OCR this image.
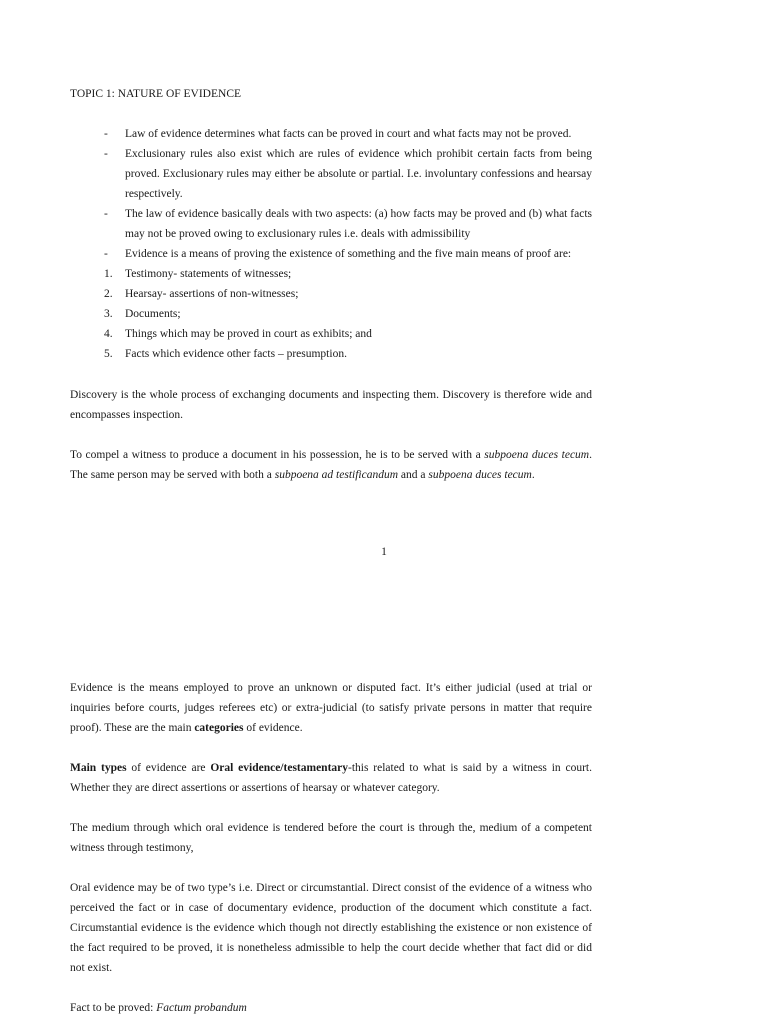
TOPIC 1: NATURE OF EVIDENCE
-	Law of evidence determines what facts can be proved in court and what facts may not be proved.
-	Exclusionary rules also exist which are rules of evidence which prohibit certain facts from being proved. Exclusionary rules may either be absolute or partial. I.e. involuntary confessions and hearsay respectively.
-	The law of evidence basically deals with two aspects: (a) how facts may be proved and (b) what facts may not be proved owing to exclusionary rules i.e. deals with admissibility
-	Evidence is a means of proving the existence of something and the five main means of proof are:
1.	Testimony- statements of witnesses;
2.	Hearsay- assertions of non-witnesses;
3.	Documents;
4.	Things which may be proved in court as exhibits; and
5.	Facts which evidence other facts – presumption.
Discovery is the whole process of exchanging documents and inspecting them. Discovery is therefore wide and encompasses inspection.
To compel a witness to produce a document in his possession, he is to be served with a subpoena duces tecum. The same person may be served with both a subpoena ad testificandum and a subpoena duces tecum.
1
Evidence is the means employed to prove an unknown or disputed fact. It’s either judicial (used at trial or inquiries before courts, judges referees etc) or extra-judicial (to satisfy private persons in matter that require proof). These are the main categories of evidence.
Main types of evidence are Oral evidence/testamentary-this related to what is said by a witness in court. Whether they are direct assertions or assertions of hearsay or whatever category.
The medium through which oral evidence is tendered before the court is through the, medium of a competent witness through testimony,
Oral evidence may be of two type’s i.e. Direct or circumstantial. Direct consist of the evidence of a witness who perceived the fact or in case of documentary evidence, production of the document which constitute a fact. Circumstantial evidence is the evidence which though not directly establishing the existence or non existence of the fact required to be proved, it is nonetheless admissible to help the court decide whether that fact did or did not exist.
Fact to be proved: Factum probandum
